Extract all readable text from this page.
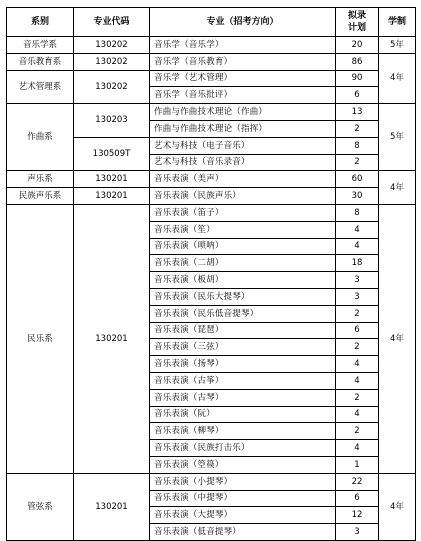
系别	专业代码	专业（招考方向）	拟录
计划	学制
音乐学系	130202	音乐学（音乐学）	20	5年
音乐教育系	130202	音乐学（音乐教育）	86	4年
艺术管理系	130202	音乐学（艺术管理）	90	
		音乐学（音乐批评）	6	
作曲系	130203	作曲与作曲技术理论（作曲）	13	5年
		作曲与作曲技术理论（指挥）	2	
	130509T	艺术与科技（电子音乐）	8	
		艺术与科技（音乐录音）	2	
声乐系	130201	音乐表演（美声）	60	4年
民族声乐系	130201	音乐表演（民族声乐）	30	
民乐系	130201	音乐表演（笛子）	8	4年
		音乐表演（笙）	4	
		音乐表演（唢呐）	4	
		音乐表演（二胡）	18	
		音乐表演（板胡）	3	
		音乐表演（民乐大提琴）	3	
		音乐表演（民乐低音提琴）	2	
		音乐表演（琵琶）	6	
		音乐表演（三弦）	2	
		音乐表演（扬琴）	4	
		音乐表演（古筝）	4	
		音乐表演（古琴）	2	
		音乐表演（阮）	4	
		音乐表演（柳琴）	2	
		音乐表演（民族打击乐）	4	
		音乐表演（箜篌）	1	
管弦系	130201	音乐表演（小提琴）	22	4年
		音乐表演（中提琴）	6	
		音乐表演（大提琴）	12	
		音乐表演（低音提琴）	3	
